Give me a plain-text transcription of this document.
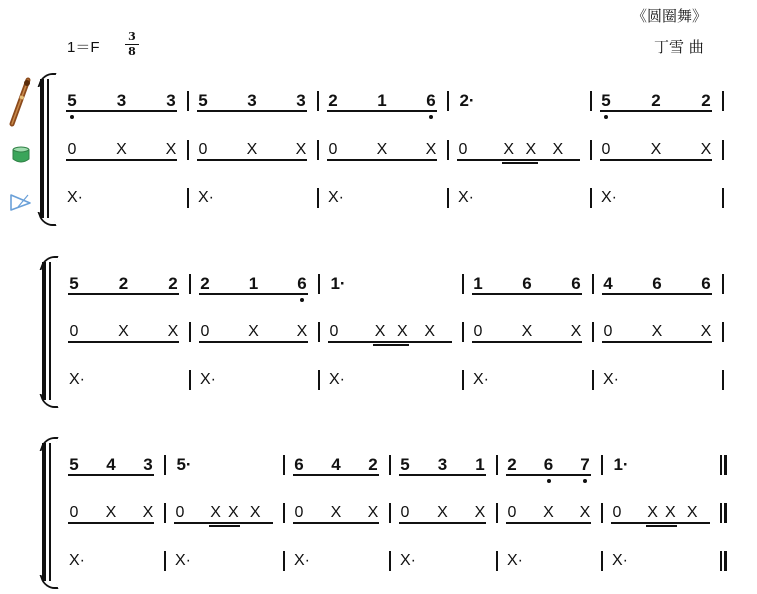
《圆圈舞》
丁雪 曲
1＝F
3
8
5 3 3
0 X X
X·
5 3 3
0 X X
X·
2 1 6
0 X X
X·
2·
0 X X X
X·
5 2 2
0	X X
X·
5 2 2
0 X X
X·
2 1 6
0 X X
X·
1·
0 X X X
X·
1 6 6
0 X X
X·
4 6 6
0 X X
X·
5 4 3
0 X X
X·
5·
0 X X X
X·
6 4 2
0 X X
X·
5 3 1
0 X X
X·
2 6 7
0 X X
X·
1·
0 X X X
X·
